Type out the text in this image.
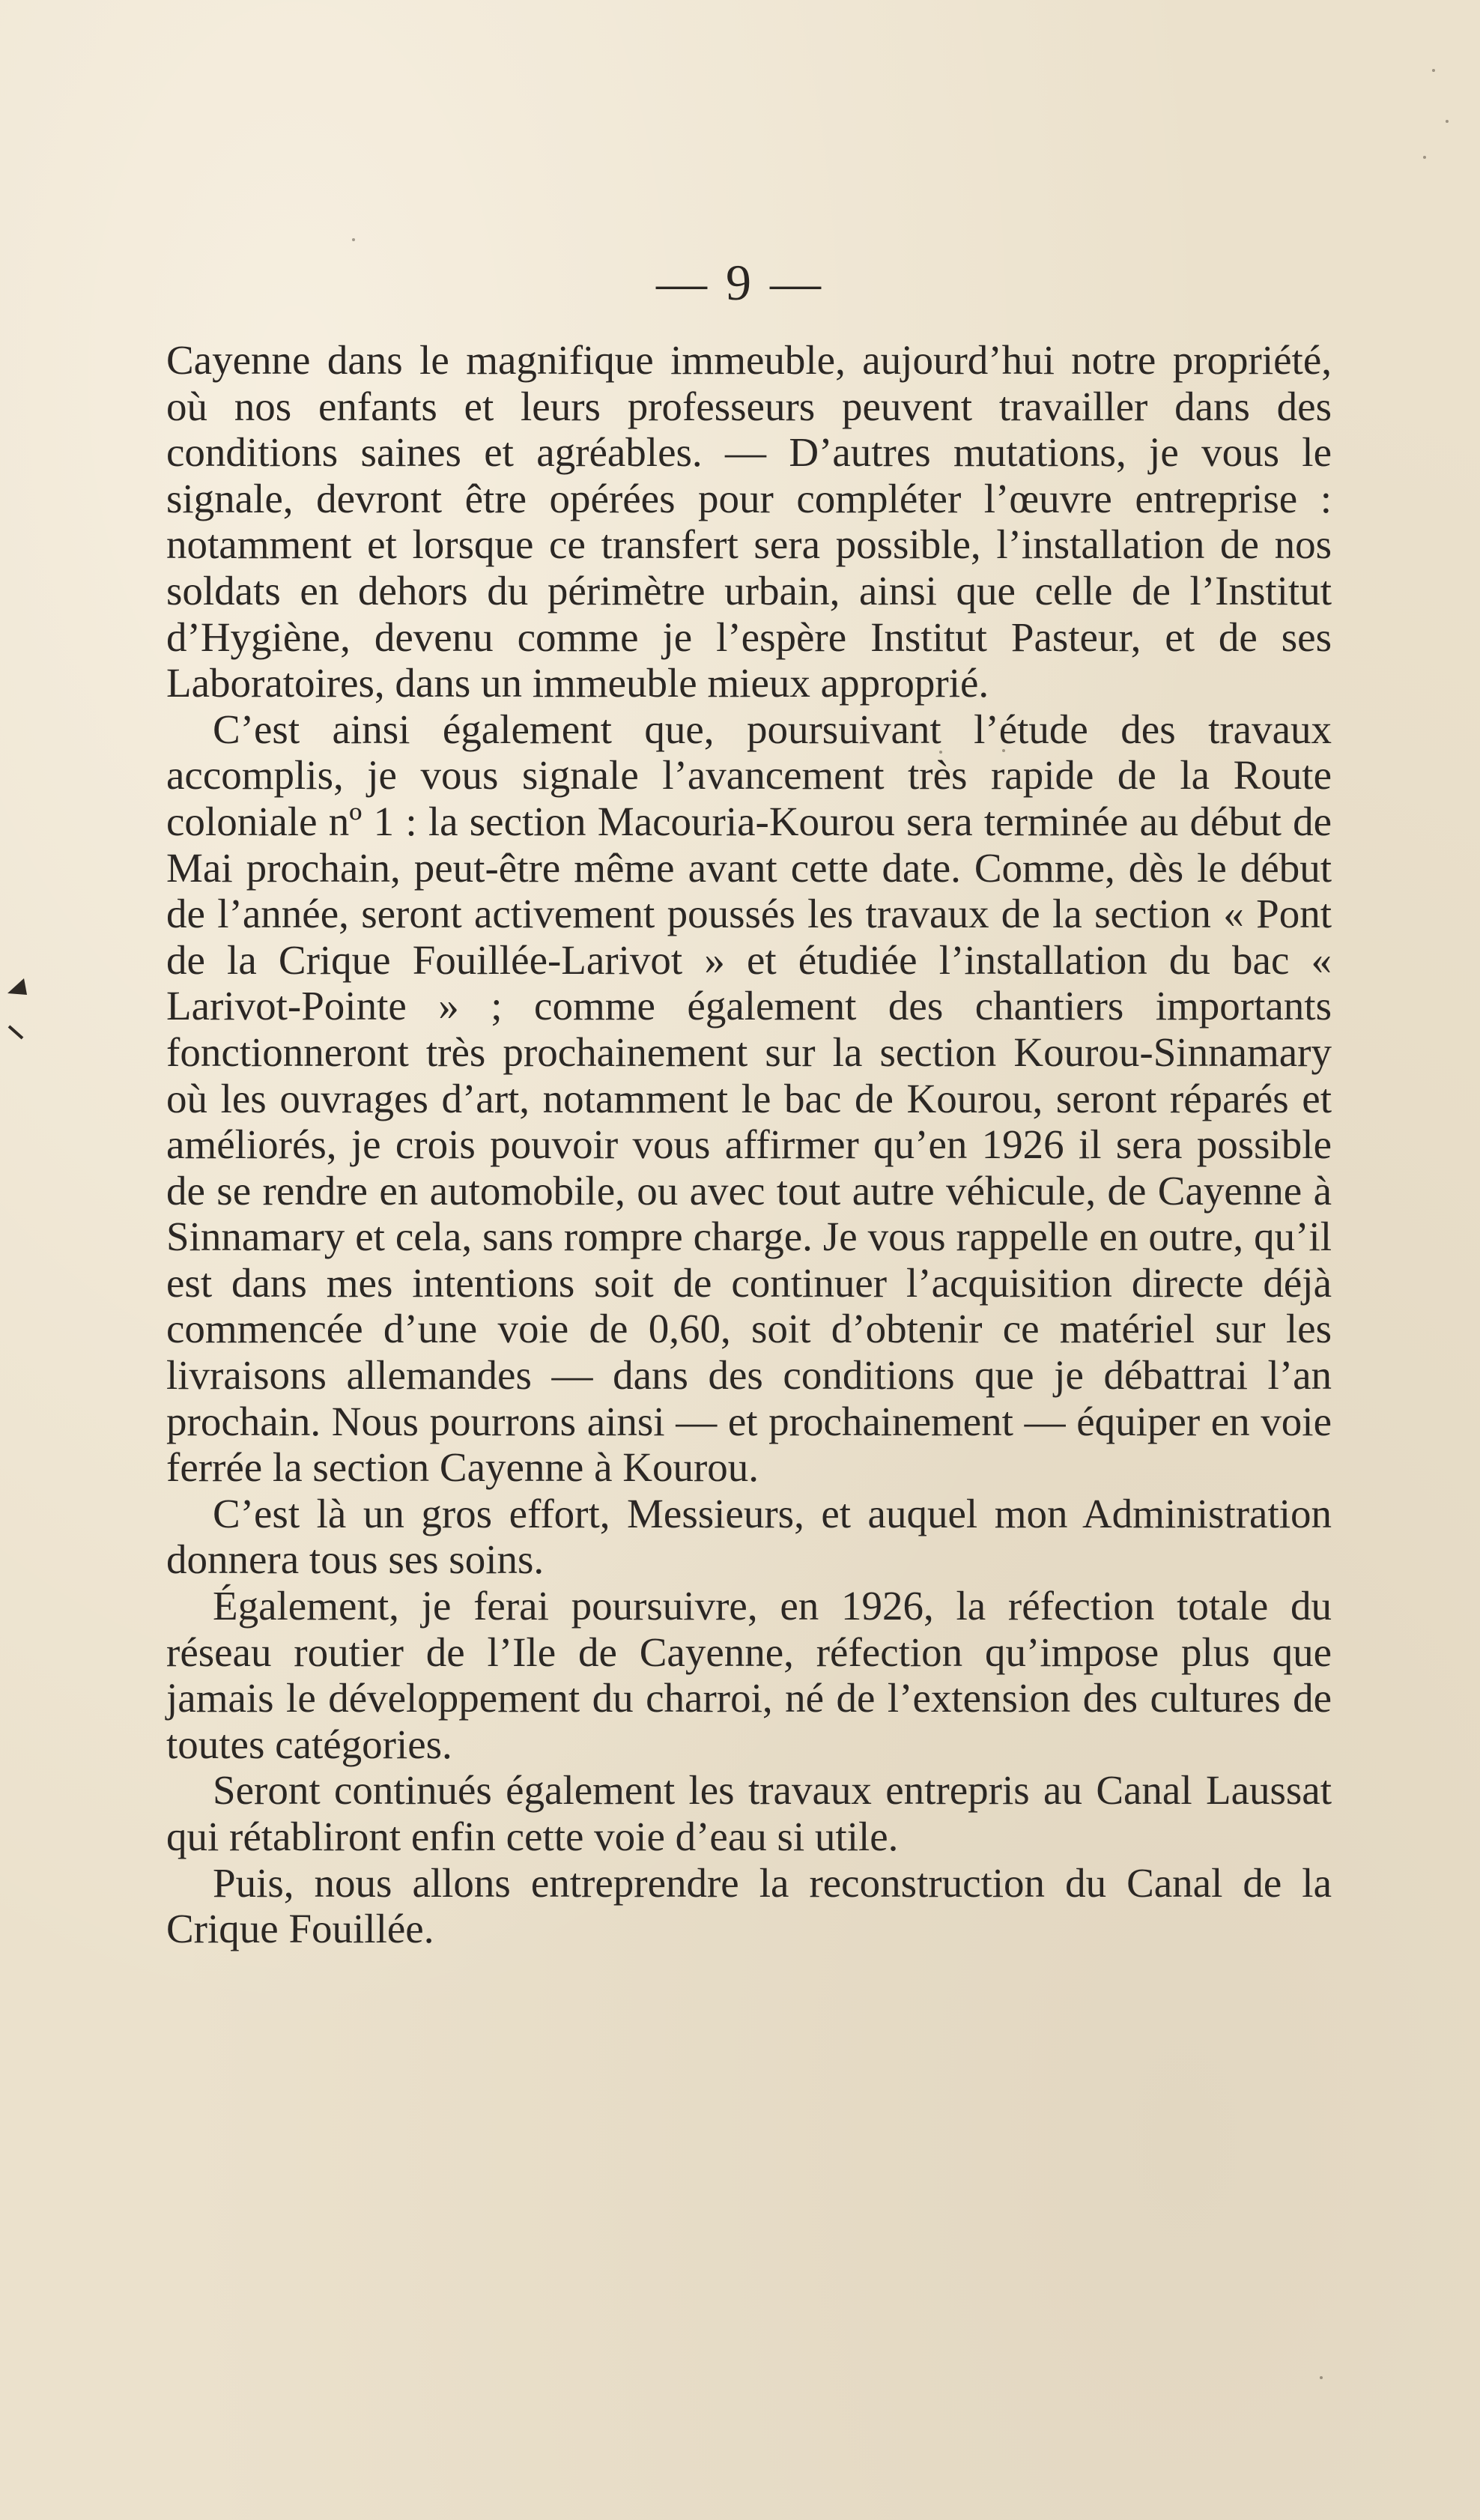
— 9 —

Cayenne dans le magnifique immeuble, aujourd’hui notre propriété, où nos enfants et leurs professeurs peuvent travailler dans des conditions saines et agréables. — D’autres mutations, je vous le signale, devront être opérées pour compléter l’œuvre entreprise : notamment et lorsque ce transfert sera possible, l’installation de nos soldats en dehors du périmètre urbain, ainsi que celle de l’Institut d’Hygiène, devenu comme je l’espère Institut Pasteur, et de ses Laboratoires, dans un immeuble mieux approprié.

C’est ainsi également que, poursuivant l’étude des travaux accomplis, je vous signale l’avancement très rapide de la Route coloniale nº 1 : la section Macouria-Kourou sera terminée au début de Mai prochain, peut-être même avant cette date. Comme, dès le début de l’année, seront activement poussés les travaux de la section « Pont de la Crique Fouillée-Larivot » et étudiée l’installation du bac « Larivot-Pointe » ; comme également des chantiers importants fonctionneront très prochainement sur la section Kourou-Sinnamary où les ouvrages d’art, notamment le bac de Kourou, seront réparés et améliorés, je crois pouvoir vous affirmer qu’en 1926 il sera possible de se rendre en automobile, ou avec tout autre véhicule, de Cayenne à Sinnamary et cela, sans rompre charge. Je vous rappelle en outre, qu’il est dans mes intentions soit de continuer l’acquisition directe déjà commencée d’une voie de 0,60, soit d’obtenir ce matériel sur les livraisons allemandes — dans des conditions que je débattrai l’an prochain. Nous pourrons ainsi — et prochainement — équiper en voie ferrée la section Cayenne à Kourou.

C’est là un gros effort, Messieurs, et auquel mon Administration donnera tous ses soins.

Également, je ferai poursuivre, en 1926, la réfection totale du réseau routier de l’Ile de Cayenne, réfection qu’impose plus que jamais le développement du charroi, né de l’extension des cultures de toutes catégories.

Seront continués également les travaux entrepris au Canal Laussat qui rétabliront enfin cette voie d’eau si utile.

Puis, nous allons entreprendre la reconstruction du Canal de la Crique Fouillée.
